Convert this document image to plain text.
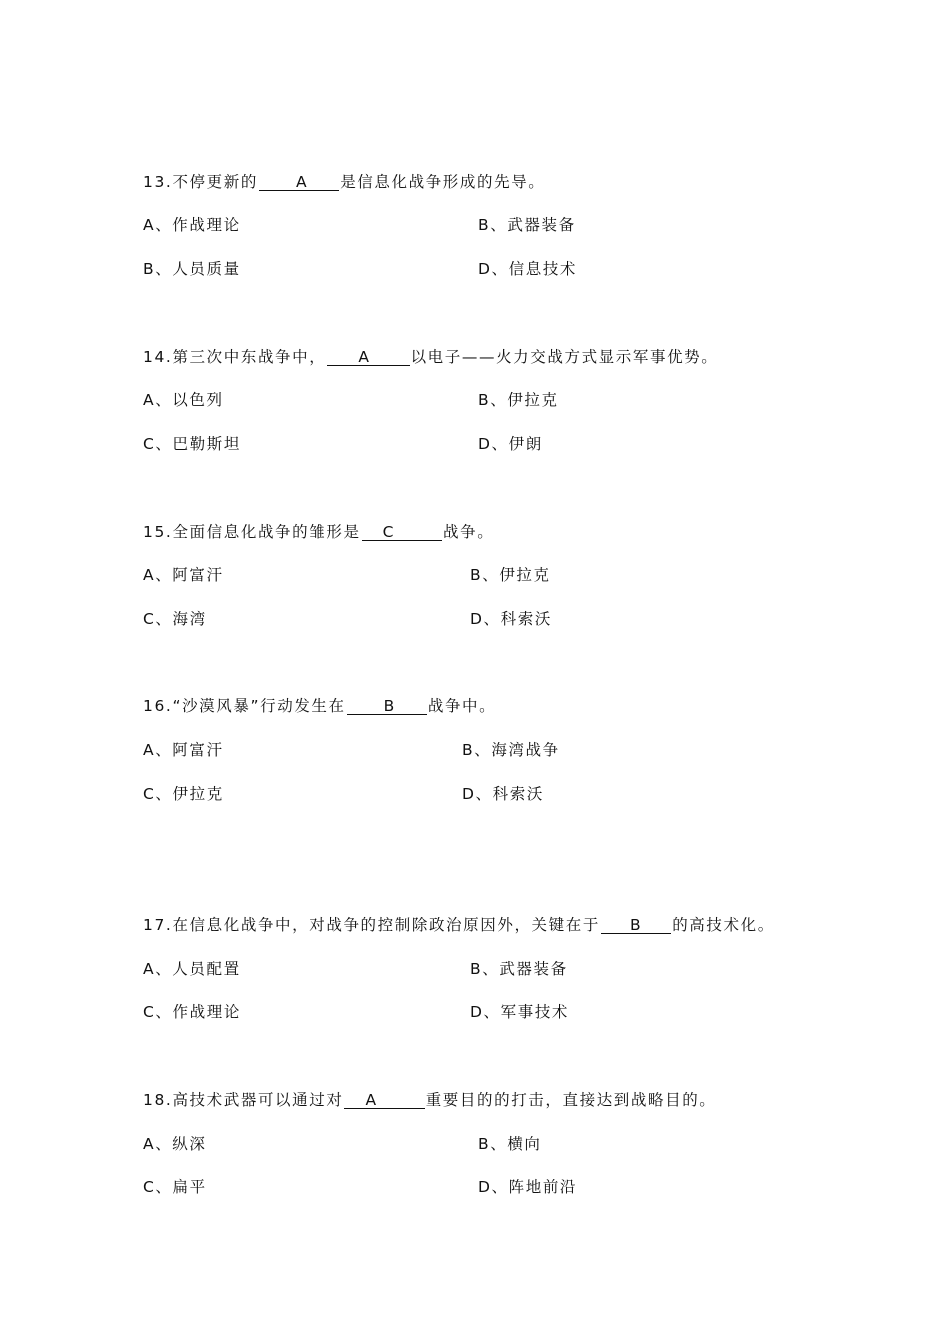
13.不停更新的 A 是信息化战争形成的先导。
A、作战理论	B、武器装备
B、人员质量	D、信息技术
14.第三次中东战争中， A	以电子——火力交战方式显示军事优势。
A、以色列	B、伊拉克
C、巴勒斯坦	D、伊朗
15.全面信息化战争的雏形是 C	战争。
A、阿富汗	B、伊拉克
C、海湾	D、科索沃
16.“沙漠风暴”行动发生在 B 战争中。
A、阿富汗	B、海湾战争
C、伊拉克	D、科索沃
17.在信息化战争中，对战争的控制除政治原因外，关键在于 B 的高技术化。
A、人员配置	B、武器装备
C、作战理论	D、军事技术
18.高技术武器可以通过对 A	重要目的的打击，直接达到战略目的。
A、纵深	B、横向
C、扁平	D、阵地前沿
